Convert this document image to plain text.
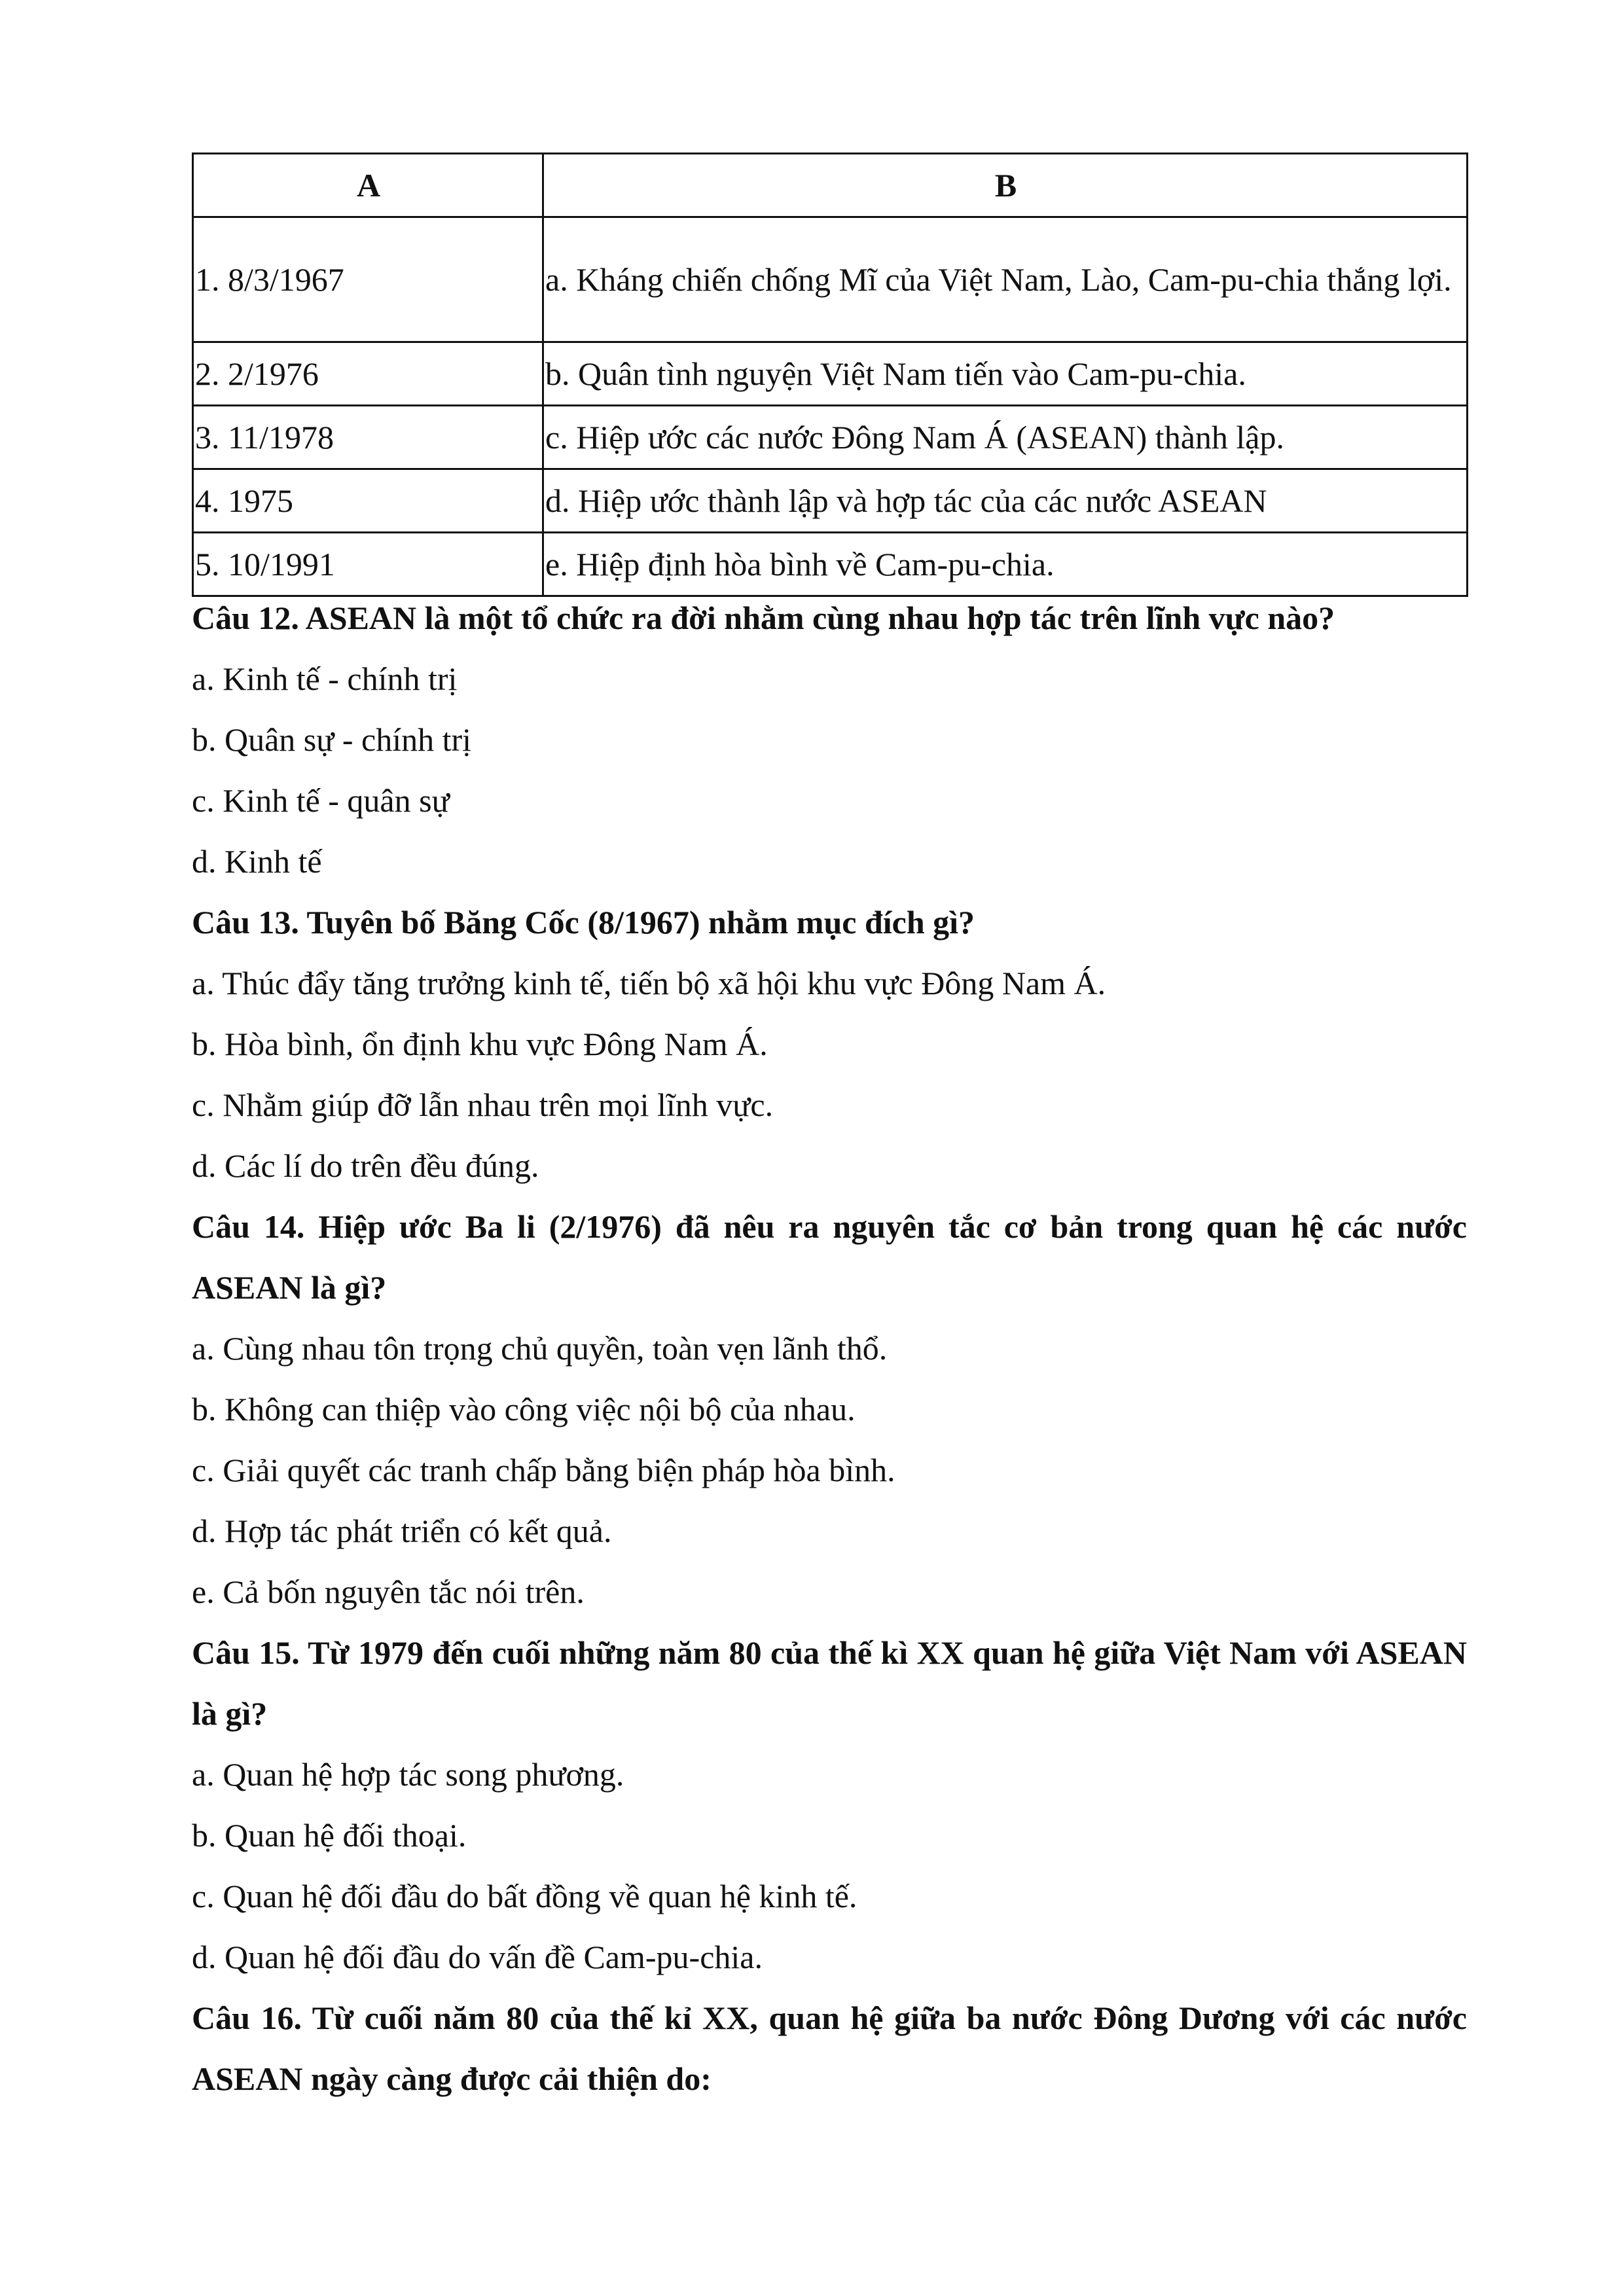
A	B
1. 8/3/1967	a. Kháng chiến chống Mĩ của Việt Nam, Lào, Cam-pu-chia thắng lợi.
2. 2/1976	b. Quân tình nguyện Việt Nam tiến vào Cam-pu-chia.
3. 11/1978	c. Hiệp ước các nước Đông Nam Á (ASEAN) thành lập.
4. 1975	d. Hiệp ước thành lập và hợp tác của các nước ASEAN
5. 10/1991	e. Hiệp định hòa bình về Cam-pu-chia.

Câu 12. ASEAN là một tổ chức ra đời nhằm cùng nhau hợp tác trên lĩnh vực nào?

a. Kinh tế - chính trị

b. Quân sự - chính trị

c. Kinh tế - quân sự

d. Kinh tế

Câu 13. Tuyên bố Băng Cốc (8/1967) nhằm mục đích gì?

a. Thúc đẩy tăng trưởng kinh tế, tiến bộ xã hội khu vực Đông Nam Á.

b. Hòa bình, ổn định khu vực Đông Nam Á.

c. Nhằm giúp đỡ lẫn nhau trên mọi lĩnh vực.

d. Các lí do trên đều đúng.

Câu 14. Hiệp ước Ba li (2/1976) đã nêu ra nguyên tắc cơ bản trong quan hệ các nước ASEAN là gì?

a. Cùng nhau tôn trọng chủ quyền, toàn vẹn lãnh thổ.

b. Không can thiệp vào công việc nội bộ của nhau.

c. Giải quyết các tranh chấp bằng biện pháp hòa bình.

d. Hợp tác phát triển có kết quả.

e. Cả bốn nguyên tắc nói trên.

Câu 15. Từ 1979 đến cuối những năm 80 của thế kì XX quan hệ giữa Việt Nam với ASEAN là gì?

a. Quan hệ hợp tác song phương.

b. Quan hệ đối thoại.

c. Quan hệ đối đầu do bất đồng về quan hệ kinh tế.

d. Quan hệ đối đầu do vấn đề Cam-pu-chia.

Câu 16. Từ cuối năm 80 của thế kỉ XX, quan hệ giữa ba nước Đông Dương với các nước ASEAN ngày càng được cải thiện do:
